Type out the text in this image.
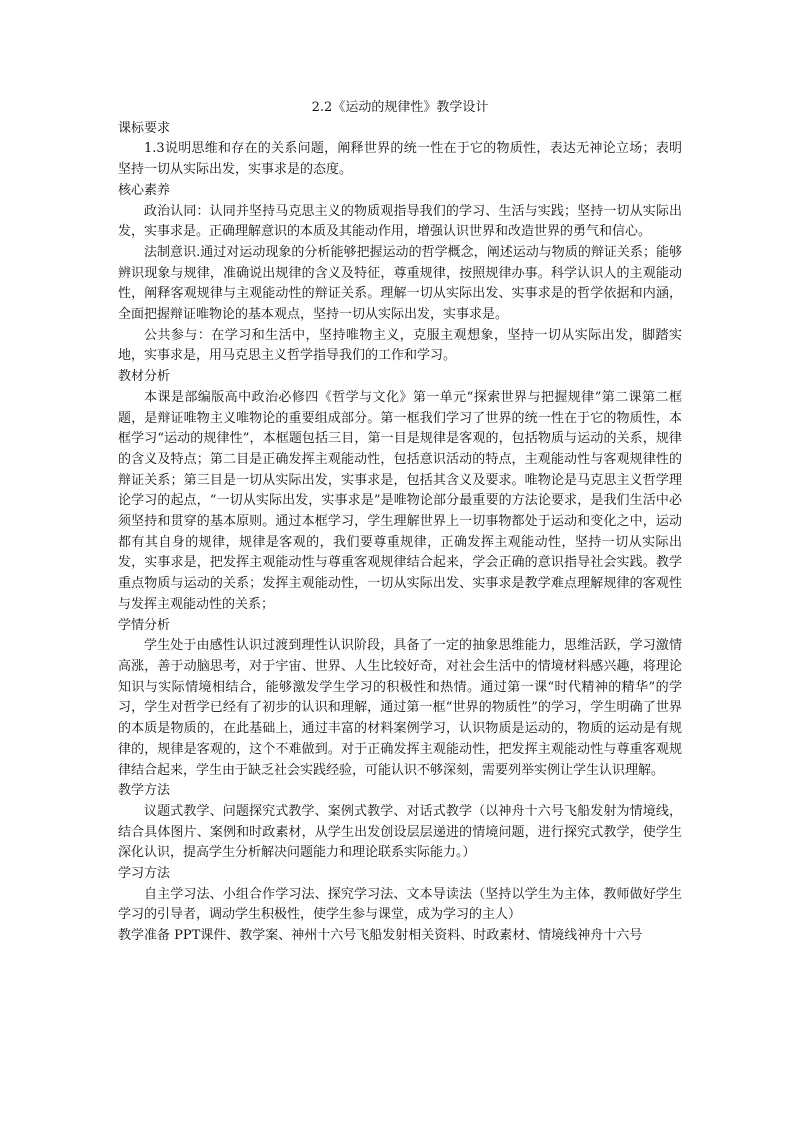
2.2《运动的规律性》教学设计

课标要求

1.3说明思维和存在的关系问题，阐释世界的统一性在于它的物质性，表达无神论立场；表明坚持一切从实际出发，实事求是的态度。

核心素养

政治认同：认同并坚持马克思主义的物质观指导我们的学习、生活与实践；坚持一切从实际出发，实事求是。正确理解意识的本质及其能动作用，增强认识世界和改造世界的勇气和信心。

法制意识.通过对运动现象的分析能够把握运动的哲学概念，阐述运动与物质的辩证关系；能够辨识现象与规律，准确说出规律的含义及特征，尊重规律，按照规律办事。科学认识人的主观能动性，阐释客观规律与主观能动性的辩证关系。理解一切从实际出发、实事求是的哲学依据和内涵，全面把握辩证唯物论的基本观点，坚持一切从实际出发，实事求是。

公共参与：在学习和生活中，坚持唯物主义，克服主观想象，坚持一切从实际出发，脚踏实地，实事求是，用马克思主义哲学指导我们的工作和学习。

教材分析

本课是部编版高中政治必修四《哲学与文化》第一单元“探索世界与把握规律”第二课第二框题，是辩证唯物主义唯物论的重要组成部分。第一框我们学习了世界的统一性在于它的物质性，本框学习“运动的规律性”，本框题包括三目，第一目是规律是客观的，包括物质与运动的关系，规律的含义及特点；第二目是正确发挥主观能动性，包括意识活动的特点，主观能动性与客观规律性的辩证关系；第三目是一切从实际出发，实事求是，包括其含义及要求。唯物论是马克思主义哲学理论学习的起点，“一切从实际出发，实事求是”是唯物论部分最重要的方法论要求，是我们生活中必须坚持和贯穿的基本原则。通过本框学习，学生理解世界上一切事物都处于运动和变化之中，运动都有其自身的规律，规律是客观的，我们要尊重规律，正确发挥主观能动性，坚持一切从实际出发，实事求是，把发挥主观能动性与尊重客观规律结合起来，学会正确的意识指导社会实践。教学重点物质与运动的关系；发挥主观能动性，一切从实际出发、实事求是教学难点理解规律的客观性与发挥主观能动性的关系；

学情分析

学生处于由感性认识过渡到理性认识阶段，具备了一定的抽象思维能力，思维活跃，学习激情高涨，善于动脑思考，对于宇宙、世界、人生比较好奇，对社会生活中的情境材料感兴趣，将理论知识与实际情境相结合，能够激发学生学习的积极性和热情。通过第一课“时代精神的精华”的学习，学生对哲学已经有了初步的认识和理解，通过第一框“世界的物质性”的学习，学生明确了世界的本质是物质的，在此基础上，通过丰富的材料案例学习，认识物质是运动的，物质的运动是有规律的，规律是客观的，这个不难做到。对于正确发挥主观能动性，把发挥主观能动性与尊重客观规律结合起来，学生由于缺乏社会实践经验，可能认识不够深刻，需要列举实例让学生认识理解。

教学方法

议题式教学、问题探究式教学、案例式教学、对话式教学（以神舟十六号飞船发射为情境线，结合具体图片、案例和时政素材，从学生出发创设层层递进的情境问题，进行探究式教学，使学生深化认识，提高学生分析解决问题能力和理论联系实际能力。）

学习方法

自主学习法、小组合作学习法、探究学习法、文本导读法（坚持以学生为主体，教师做好学生学习的引导者，调动学生积极性，使学生参与课堂，成为学习的主人）

教学准备 PPT课件、教学案、神州十六号飞船发射相关资料、时政素材、情境线神舟十六号
